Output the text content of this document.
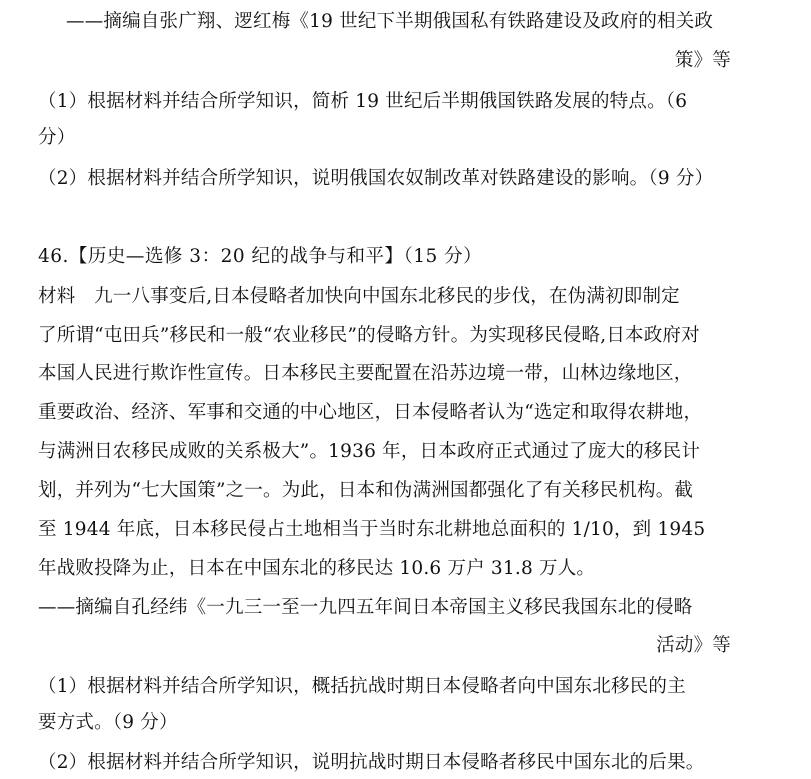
——摘编自张广翔、逻红梅《19 世纪下半期俄国私有铁路建设及政府的相关政
策》等
（1）根据材料并结合所学知识，简析 19 世纪后半期俄国铁路发展的特点。（6
分）
（2）根据材料并结合所学知识，说明俄国农奴制改革对铁路建设的影响。（9 分）
46.【历史—选修 3：20 纪的战争与和平】（15 分）
材料　九一八事变后,日本侵略者加快向中国东北移民的步伐，在伪满初即制定
了所谓“屯田兵”移民和一般“农业移民”的侵略方针。为实现移民侵略,日本政府对
本国人民进行欺诈性宣传。日本移民主要配置在沿苏边境一带，山林边缘地区，
重要政治、经济、军事和交通的中心地区，日本侵略者认为“选定和取得农耕地，
与满洲日农移民成败的关系极大”。1936 年，日本政府正式通过了庞大的移民计
划，并列为“七大国策”之一。为此，日本和伪满洲国都强化了有关移民机构。截
至 1944 年底，日本移民侵占土地相当于当时东北耕地总面积的 1/10，到 1945
年战败投降为止，日本在中国东北的移民达 10.6 万户 31.8 万人。
——摘编自孔经纬《一九三一至一九四五年间日本帝国主义移民我国东北的侵略
活动》等
（1）根据材料并结合所学知识，概括抗战时期日本侵略者向中国东北移民的主
要方式。（9 分）
（2）根据材料并结合所学知识，说明抗战时期日本侵略者移民中国东北的后果。
